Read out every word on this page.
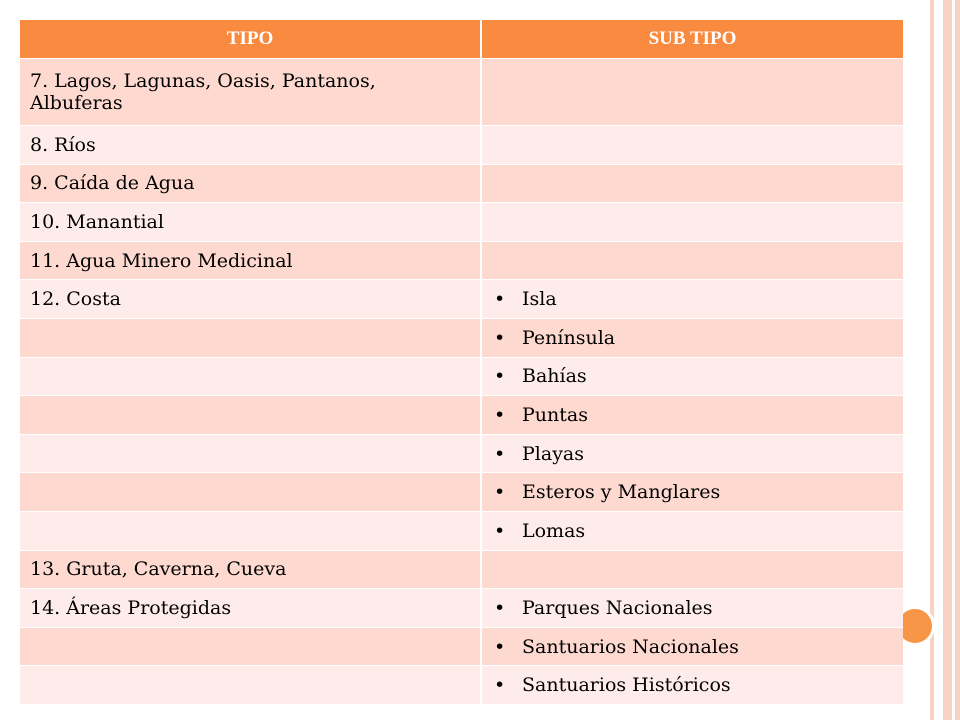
TIPO	SUB TIPO
7. Lagos, Lagunas, Oasis, Pantanos, Albuferas	
8. Ríos	
9. Caída de Agua	
10. Manantial	
11. Agua Minero Medicinal	
12. Costa	• Isla
	• Península
	• Bahías
	• Puntas
	• Playas
	• Esteros y Manglares
	• Lomas
13. Gruta, Caverna, Cueva	
14. Áreas Protegidas	• Parques Nacionales
	• Santuarios Nacionales
	• Santuarios Históricos
